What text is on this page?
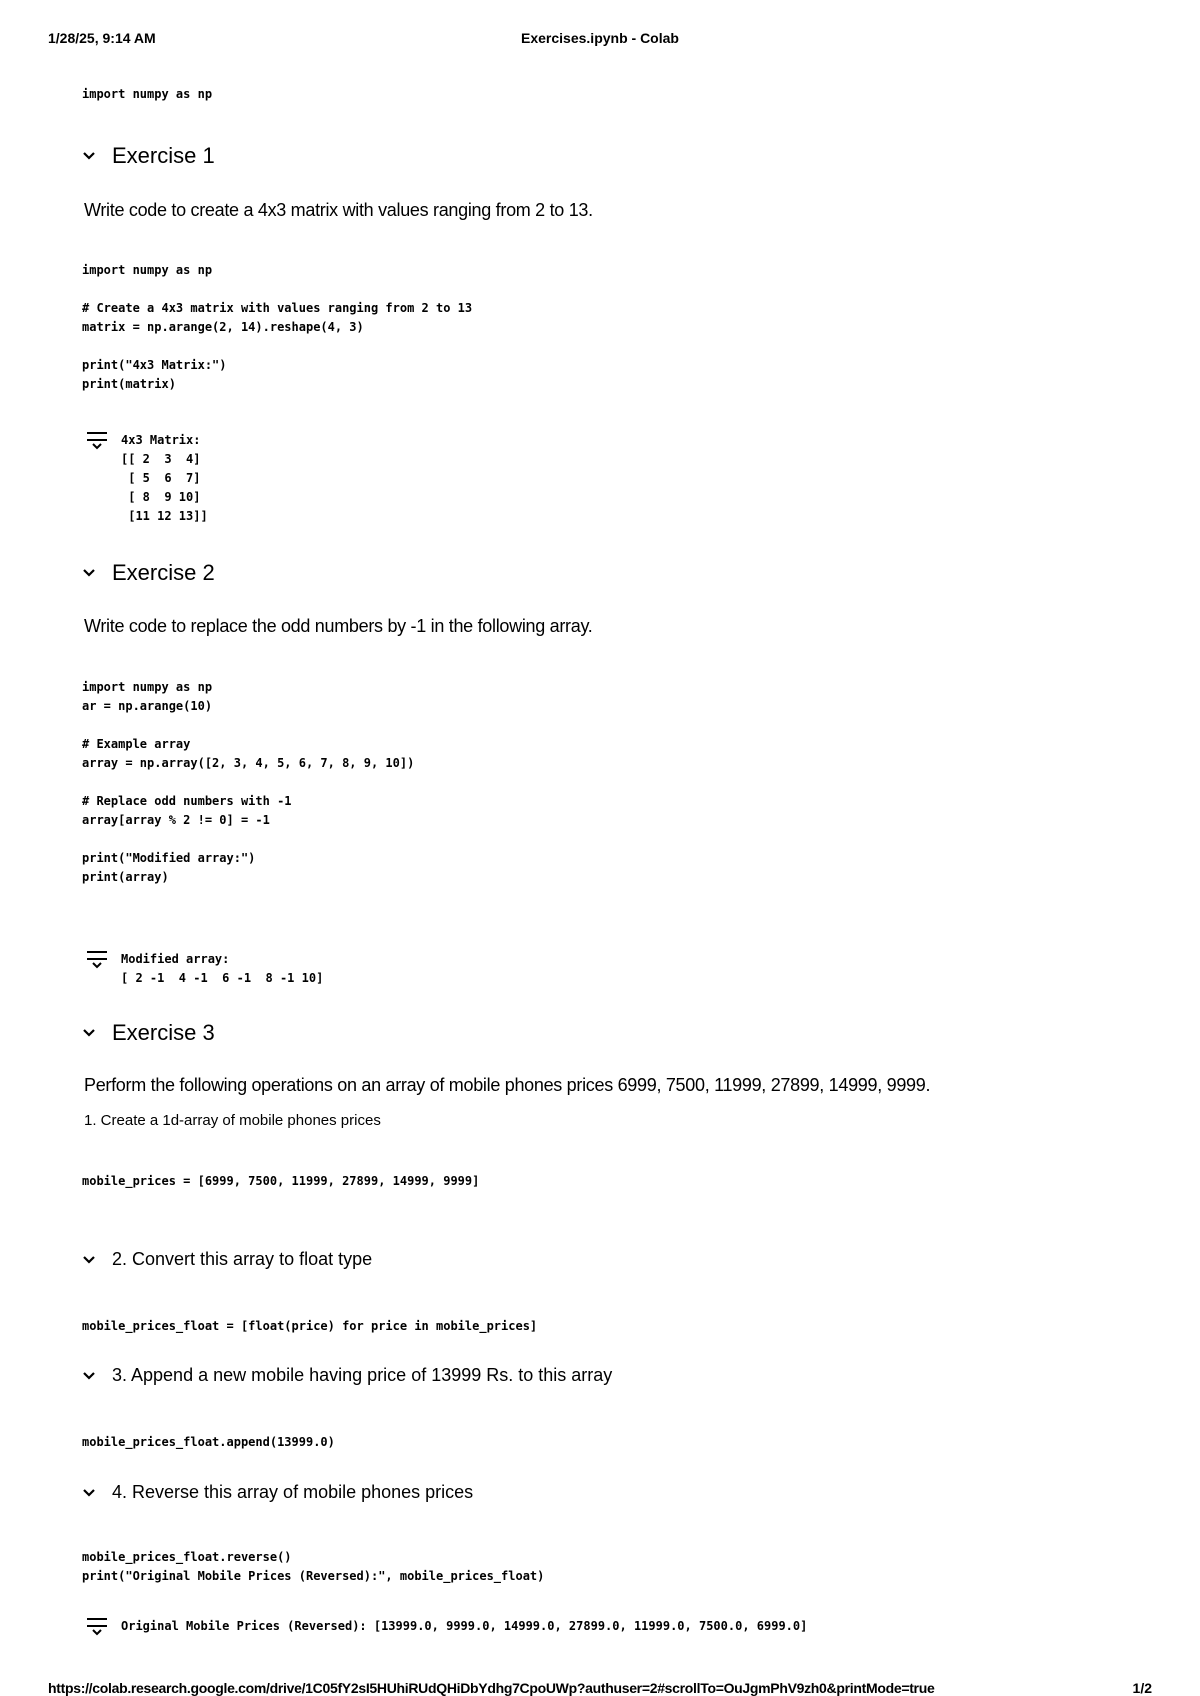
1/28/25, 9:14 AM	Exercises.ipynb - Colab
import numpy as np
Exercise 1
Write code to create a 4x3 matrix with values ranging from 2 to 13.
import numpy as np
# Create a 4x3 matrix with values ranging from 2 to 13
matrix = np.arange(2, 14).reshape(4, 3)
print("4x3 Matrix:")
print(matrix)
4x3 Matrix:
[[ 2  3  4]
[ 5  6  7]
[ 8  9 10]
[11 12 13]]
Exercise 2
Write code to replace the odd numbers by -1 in the following array.
import numpy as np
ar = np.arange(10)
# Example array
array = np.array([2, 3, 4, 5, 6, 7, 8, 9, 10])
# Replace odd numbers with -1
array[array % 2 != 0] = -1
print("Modified array:")
print(array)
Modified array:
[ 2 -1  4 -1  6 -1  8 -1 10]
Exercise 3
Perform the following operations on an array of mobile phones prices 6999, 7500, 11999, 27899, 14999, 9999.
1. Create a 1d-array of mobile phones prices
mobile_prices = [6999, 7500, 11999, 27899, 14999, 9999]
2. Convert this array to float type
mobile_prices_float = [float(price) for price in mobile_prices]
3. Append a new mobile having price of 13999 Rs. to this array
mobile_prices_float.append(13999.0)
4. Reverse this array of mobile phones prices
mobile_prices_float.reverse()
print("Original Mobile Prices (Reversed):", mobile_prices_float)
Original Mobile Prices (Reversed): [13999.0, 9999.0, 14999.0, 27899.0, 11999.0, 7500.0, 6999.0]
https://colab.research.google.com/drive/1C05fY2sI5HUhiRUdQHiDbYdhg7CpoUWp?authuser=2#scrollTo=OuJgmPhV9zh0&printMode=true	1/2
